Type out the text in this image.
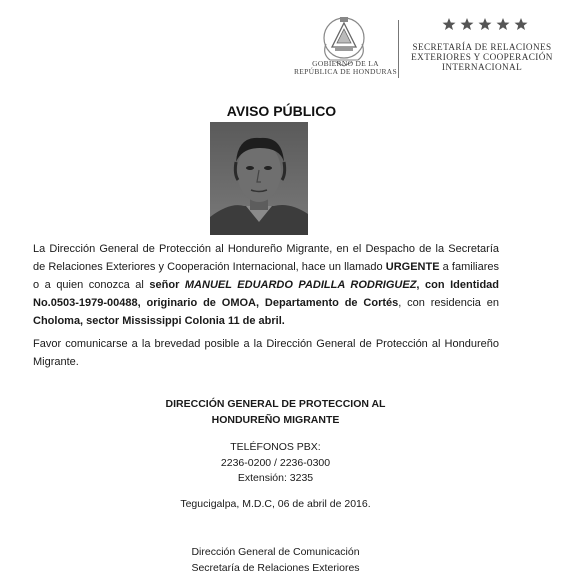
GOBIERNO DE LA
REPÚBLICA DE HONDURAS
SECRETARÍA DE RELACIONES
EXTERIORES Y COOPERACIÓN
INTERNACIONAL
AVISO PÚBLICO
La Dirección General de Protección al Hondureño Migrante, en el Despacho de la Secretaría de Relaciones Exteriores y Cooperación Internacional, hace un llamado URGENTE a familiares o a quien conozca al señor MANUEL EDUARDO PADILLA RODRIGUEZ, con Identidad No.0503-1979-00488, originario de OMOA, Departamento de Cortés, con residencia en Choloma, sector Mississippi Colonia 11 de abril.
Favor comunicarse a la brevedad posible a la Dirección General de Protección al Hondureño Migrante.
DIRECCIÓN GENERAL DE PROTECCION AL
HONDUREÑO MIGRANTE
TELÉFONOS PBX:
2236-0200 / 2236-0300
Extensión: 3235
Tegucigalpa, M.D.C, 06 de abril de 2016.
Dirección General de Comunicación
Secretaría de Relaciones Exteriores
